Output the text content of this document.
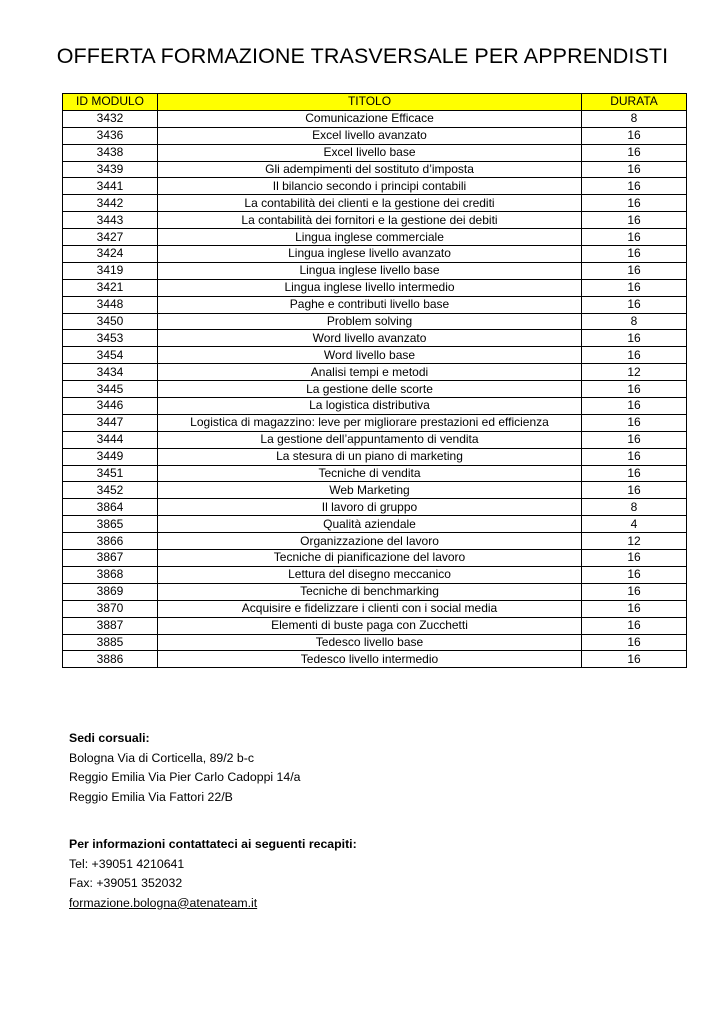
OFFERTA FORMAZIONE TRASVERSALE PER APPRENDISTI
ID MODULO	TITOLO	DURATA
3432	Comunicazione Efficace	8
3436	Excel livello avanzato	16
3438	Excel livello base	16
3439	Gli adempimenti del sostituto d’imposta	16
3441	Il bilancio secondo i principi contabili	16
3442	La contabilità dei clienti e la gestione dei crediti	16
3443	La contabilità dei fornitori e la gestione dei debiti	16
3427	Lingua inglese commerciale	16
3424	Lingua inglese livello avanzato	16
3419	Lingua inglese livello base	16
3421	Lingua inglese livello intermedio	16
3448	Paghe e contributi livello base	16
3450	Problem solving	8
3453	Word livello avanzato	16
3454	Word livello base	16
3434	Analisi tempi e metodi	12
3445	La gestione delle scorte	16
3446	La logistica distributiva	16
3447	Logistica di magazzino: leve per migliorare prestazioni ed efficienza	16
3444	La gestione dell’appuntamento di vendita	16
3449	La stesura di un piano di marketing	16
3451	Tecniche di vendita	16
3452	Web Marketing	16
3864	Il lavoro di gruppo	8
3865	Qualità aziendale	4
3866	Organizzazione del lavoro	12
3867	Tecniche di pianificazione del lavoro	16
3868	Lettura del disegno meccanico	16
3869	Tecniche di benchmarking	16
3870	Acquisire e fidelizzare i clienti con i social media	16
3887	Elementi di buste paga con Zucchetti	16
3885	Tedesco livello base	16
3886	Tedesco livello intermedio	16
Sedi corsuali:
Bologna Via di Corticella, 89/2 b-c
Reggio Emilia Via Pier Carlo Cadoppi 14/a
Reggio Emilia Via Fattori 22/B
Per informazioni contattateci ai seguenti recapiti:
Tel: +39051 4210641
Fax: +39051 352032
formazione.bologna@atenateam.it
